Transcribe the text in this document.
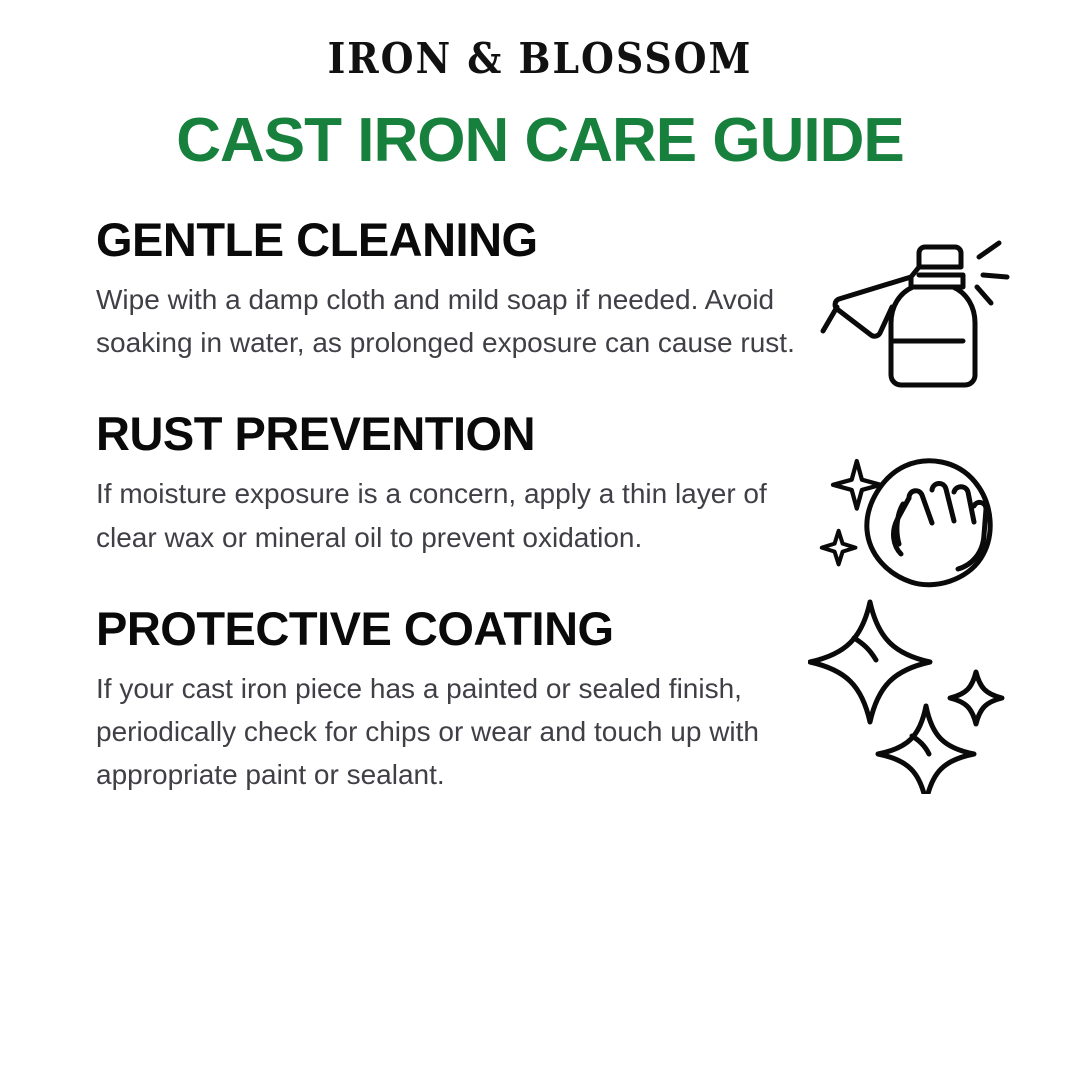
IRON & BLOSSOM
CAST IRON CARE GUIDE
GENTLE CLEANING
Wipe with a damp cloth and mild soap if needed. Avoid soaking in water, as prolonged exposure can cause rust.
RUST PREVENTION
If moisture exposure is a concern, apply a thin layer of clear wax or mineral oil to prevent oxidation.
PROTECTIVE COATING
If your cast iron piece has a painted or sealed finish, periodically check for chips or wear and touch up with appropriate paint or sealant.
